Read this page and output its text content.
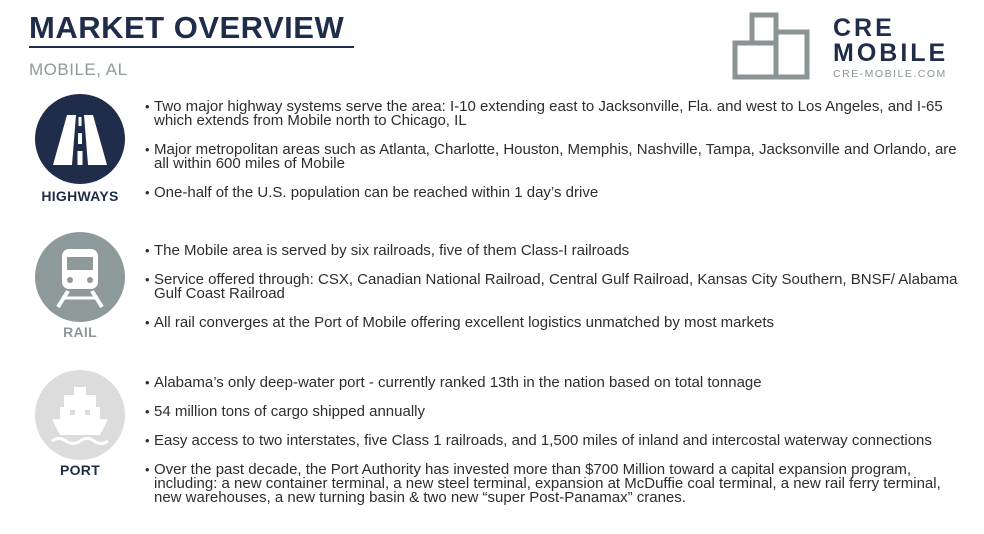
MARKET OVERVIEW
MOBILE, AL
CRE
MOBILE
CRE-MOBILE.COM
HIGHWAYS
• Two major highway systems serve the area: I-10 extending east to Jacksonville, Fla. and west to Los Angeles, and I-65 which extends from Mobile north to Chicago, IL
• Major metropolitan areas such as Atlanta, Charlotte, Houston, Memphis, Nashville, Tampa, Jacksonville and Orlando, are all within 600 miles of Mobile
• One-half of the U.S. population can be reached within 1 day’s drive
RAIL
• The Mobile area is served by six railroads, five of them Class-I railroads
• Service offered through: CSX, Canadian National Railroad, Central Gulf Railroad, Kansas City Southern, BNSF/ Alabama Gulf Coast Railroad
• All rail converges at the Port of Mobile offering excellent logistics unmatched by most markets
PORT
• Alabama’s only deep-water port - currently ranked 13th in the nation based on total tonnage
• 54 million tons of cargo shipped annually
• Easy access to two interstates, five Class 1 railroads, and 1,500 miles of inland and intercostal waterway connections
• Over the past decade, the Port Authority has invested more than $700 Million toward a capital expansion program, including: a new container terminal, a new steel terminal, expansion at McDuffie coal terminal, a new rail ferry terminal, new warehouses, a new turning basin & two new “super Post-Panamax” cranes.
